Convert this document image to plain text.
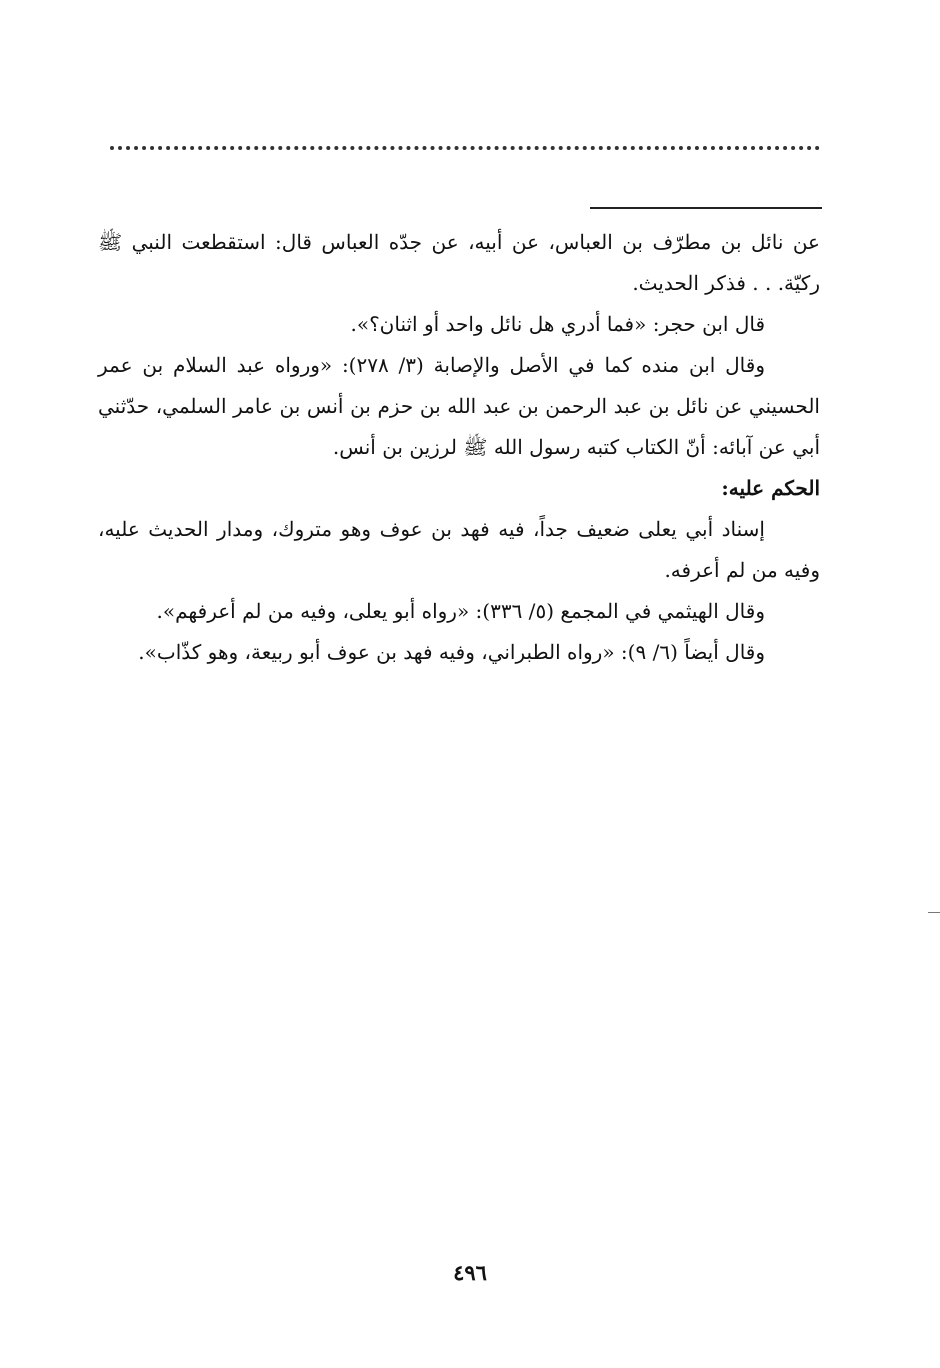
عن نائل بن مطرّف بن العباس، عن أبيه، عن جدّه العباس قال: استقطعت النبي ﷺ ركيّة. . . فذكر الحديث.

قال ابن حجر: «فما أدري هل نائل واحد أو اثنان؟».

وقال ابن منده كما في الأصل والإصابة (٣/ ٢٧٨): «ورواه عبد السلام بن عمر الحسيني عن نائل بن عبد الرحمن بن عبد الله بن حزم بن أنس بن عامر السلمي، حدّثني أبي عن آبائه: أنّ الكتاب كتبه رسول الله ﷺ لرزين بن أنس.

الحكم عليه:

إسناد أبي يعلى ضعيف جداً، فيه فهد بن عوف وهو متروك، ومدار الحديث عليه، وفيه من لم أعرفه.

وقال الهيثمي في المجمع (٥/ ٣٣٦): «رواه أبو يعلى، وفيه من لم أعرفهم».

وقال أيضاً (٦/ ٩): «رواه الطبراني، وفيه فهد بن عوف أبو ربيعة، وهو كذّاب».

٤٩٦
